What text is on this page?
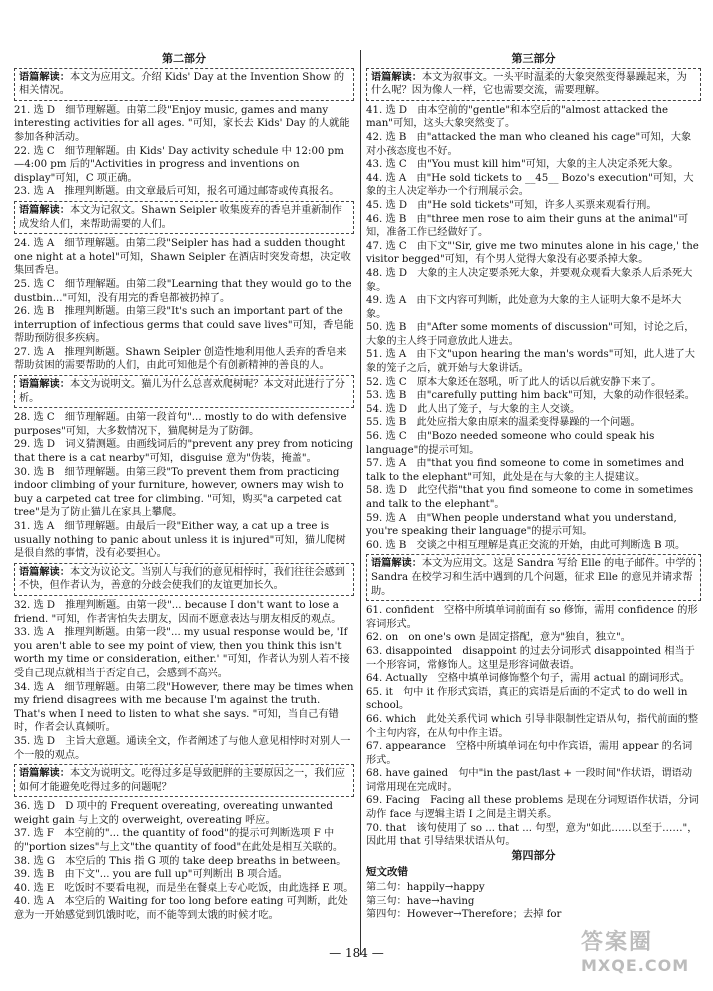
第二部分
语篇解读：本文为应用文。介绍 Kids' Day at the Invention Show 的相关情况。

21. 选 D　细节理解题。由第二段"Enjoy music, games and many interesting activities for all ages. "可知，家长去 Kids' Day 的人就能参加各种活动。

22. 选 C　细节理解题。由 Kids' Day activity schedule 中 12:00 pm—4:00 pm 后的"Activities in progress and inventions on display"可知，C 项正确。

23. 选 A　推理判断题。由文章最后可知，报名可通过邮寄或传真报名。

语篇解读：本文为记叙文。Shawn Seipler 收集废弃的香皂并重新制作成发给人们，来帮助需要的人们。

24. 选 A　细节理解题。由第二段"Seipler has had a sudden thought one night at a hotel"可知，Shawn Seipler 在酒店时突发奇想，决定收集回香皂。

25. 选 C　细节理解题。由第二段"Learning that they would go to the dustbin..."可知，没有用完的香皂都被扔掉了。

26. 选 B　推理判断题。由第三段"It's such an important part of the interruption of infectious germs that could save lives"可知，香皂能帮助预防很多疾病。

27. 选 A　推理判断题。Shawn Seipler 创造性地利用他人丢弃的香皂来帮助贫困的需要帮助的人们，由此可知他是个有创新精神的善良的人。

语篇解读：本文为说明文。猫儿为什么总喜欢爬树呢？本文对此进行了分析。

28. 选 C　细节理解题。由第一段首句"... mostly to do with defensive purposes"可知，大多数情况下，猫爬树是为了防御。

29. 选 D　词义猜测题。由画线词后的"prevent any prey from noticing that there is a cat nearby"可知，disguise 意为"伪装，掩盖"。

30. 选 B　细节理解题。由第三段"To prevent them from practicing indoor climbing of your furniture, however, owners may wish to buy a carpeted cat tree for climbing. "可知，购买"a carpeted cat tree"是为了防止猫儿在家具上攀爬。

31. 选 A　细节理解题。由最后一段"Either way, a cat up a tree is usually nothing to panic about unless it is injured"可知，猫儿爬树是很自然的事情，没有必要担心。

语篇解读：本文为议论文。当别人与我们的意见相悖时，我们往往会感到不快，但作者认为，善意的分歧会使我们的友谊更加长久。

32. 选 D　推理判断题。由第一段"... because I don't want to lose a friend. "可知，作者害怕失去朋友，因而不愿意表达与朋友相反的观点。

33. 选 A　推理判断题。由第一段"... my usual response would be, 'If you aren't able to see my point of view, then you think this isn't worth my time or consideration, either.' "可知，作者认为别人若不接受自己现点就相当于否定自己，会感到不高兴。

34. 选 A　细节理解题。由第二段"However, there may be times when my friend disagrees with me because I'm against the truth. That's when I need to listen to what she says. "可知，当自己有错时，作者会认真倾听。

35. 选 D　主旨大意题。通读全文，作者阐述了与他人意见相悖时对别人一个一般的观点。

语篇解读：本文为说明文。吃得过多是导致肥胖的主要原因之一，我们应如何才能避免吃得过多的问题呢？

36. 选 D　D 项中的 Frequent overeating, overeating unwanted weight gain 与上文的 overweight, overeating 呼应。

37. 选 F　本空前的"... the quantity of food"的提示可判断选项 F 中的"portion sizes"与上文"the quantity of food"在此处是相互关联的。

38. 选 G　本空后的 This 指 G 项的 take deep breaths in between。

39. 选 B　由下文"... you are full up"可判断出 B 项合适。

40. 选 E　吃饭时不要看电视，而是坐在餐桌上专心吃饭，由此选择 E 项。

40. 选 A　本空后的 Waiting for too long before eating 可判断，此处意为一开始感觉到饥饿时吃，而不能等到太饿的时候才吃。

第三部分
语篇解读：本文为叙事文。一头平时温柔的大象突然变得暴躁起来，为什么呢？因为像人一样，它也需要交流，需要理解。

41. 选 D　由本空前的"gentle"和本空后的"almost attacked the man"可知，这头大象突然变了。

42. 选 B　由"attacked the man who cleaned his cage"可知，大象对小孩态度也不好。

43. 选 C　由"You must kill him"可知，大象的主人决定杀死大象。

44. 选 A　由"He sold tickets to __45__ Bozo's execution"可知，大象的主人决定举办一个行刑展示会。

45. 选 D　由"He sold tickets"可知，许多人买票来观看行刑。

46. 选 B　由"three men rose to aim their guns at the animal"可知，准备工作已经做好了。

47. 选 C　由下文"'Sir, give me two minutes alone in his cage,' the visitor begged"可知，有个男人觉得大象没有必要杀掉大象。

48. 选 D　大象的主人决定要杀死大象，并要观众观看大象杀人后杀死大象。

49. 选 A　由下文内容可判断，此处意为大象的主人证明大象不是坏大象。

50. 选 B　由"After some moments of discussion"可知，讨论之后，大象的主人终于同意放此人进去。

51. 选 A　由下文"upon hearing the man's words"可知，此人进了大象的笼子之后，就开始与大象讲话。

52. 选 C　原本大象还在怒吼，听了此人的话以后就安静下来了。

53. 选 B　由"carefully putting him back"可知，大象的动作很轻柔。

54. 选 D　此人出了笼子，与大象的主人交谈。

55. 选 B　此处应指大象由原来的温柔变得暴躁的一个问题。

56. 选 C　由"Bozo needed someone who could speak his language"的提示可知。

57. 选 A　由"that you find someone to come in sometimes and talk to the elephant"可知，此处是在与大象的主人提建议。

58. 选 D　此空代指"that you find someone to come in sometimes and talk to the elephant"。

59. 选 A　由"When people understand what you understand, you're speaking their language"的提示可知。

60. 选 B　交谈之中相互理解是真正交流的开始，由此可判断选 B 项。

语篇解读：本文为应用文。这是 Sandra 写给 Elle 的电子邮件。中学的 Sandra 在校学习和生活中遇到的几个问题，征求 Elle 的意见并请求帮助。

61. confident　空格中所填单词前面有 so 修饰，需用 confidence 的形容词形式。

62. on　on one's own 是固定搭配，意为"独自，独立"。

63. disappointed　disappoint 的过去分词形式 disappointed 相当于一个形容词，常修饰人。这里是形容词做表语。

64. Actually　空格中填单词修饰整个句子，需用 actual 的副词形式。

65. it　句中 it 作形式宾语，真正的宾语是后面的不定式 to do well in school。

66. which　此处关系代词 which 引导非限制性定语从句，指代前面的整个主句内容，在从句中作主语。

67. appearance　空格中所填单词在句中作宾语，需用 appear 的名词形式。

68. have gained　句中"in the past/last + 一段时间"作状语，谓语动词常用现在完成时。

69. Facing　Facing all these problems 是现在分词短语作状语，分词动作 face 与逻辑主语 I 之间是主谓关系。

70. that　该句使用了 so ... that ... 句型，意为"如此……以至于……"，因此用 that 引导结果状语从句。

第四部分
短文改错

第二句：happily→happy

第三句：have→having

第四句：However→Therefore；去掉 for

— 184 —	答案圈
MXQE.COM
